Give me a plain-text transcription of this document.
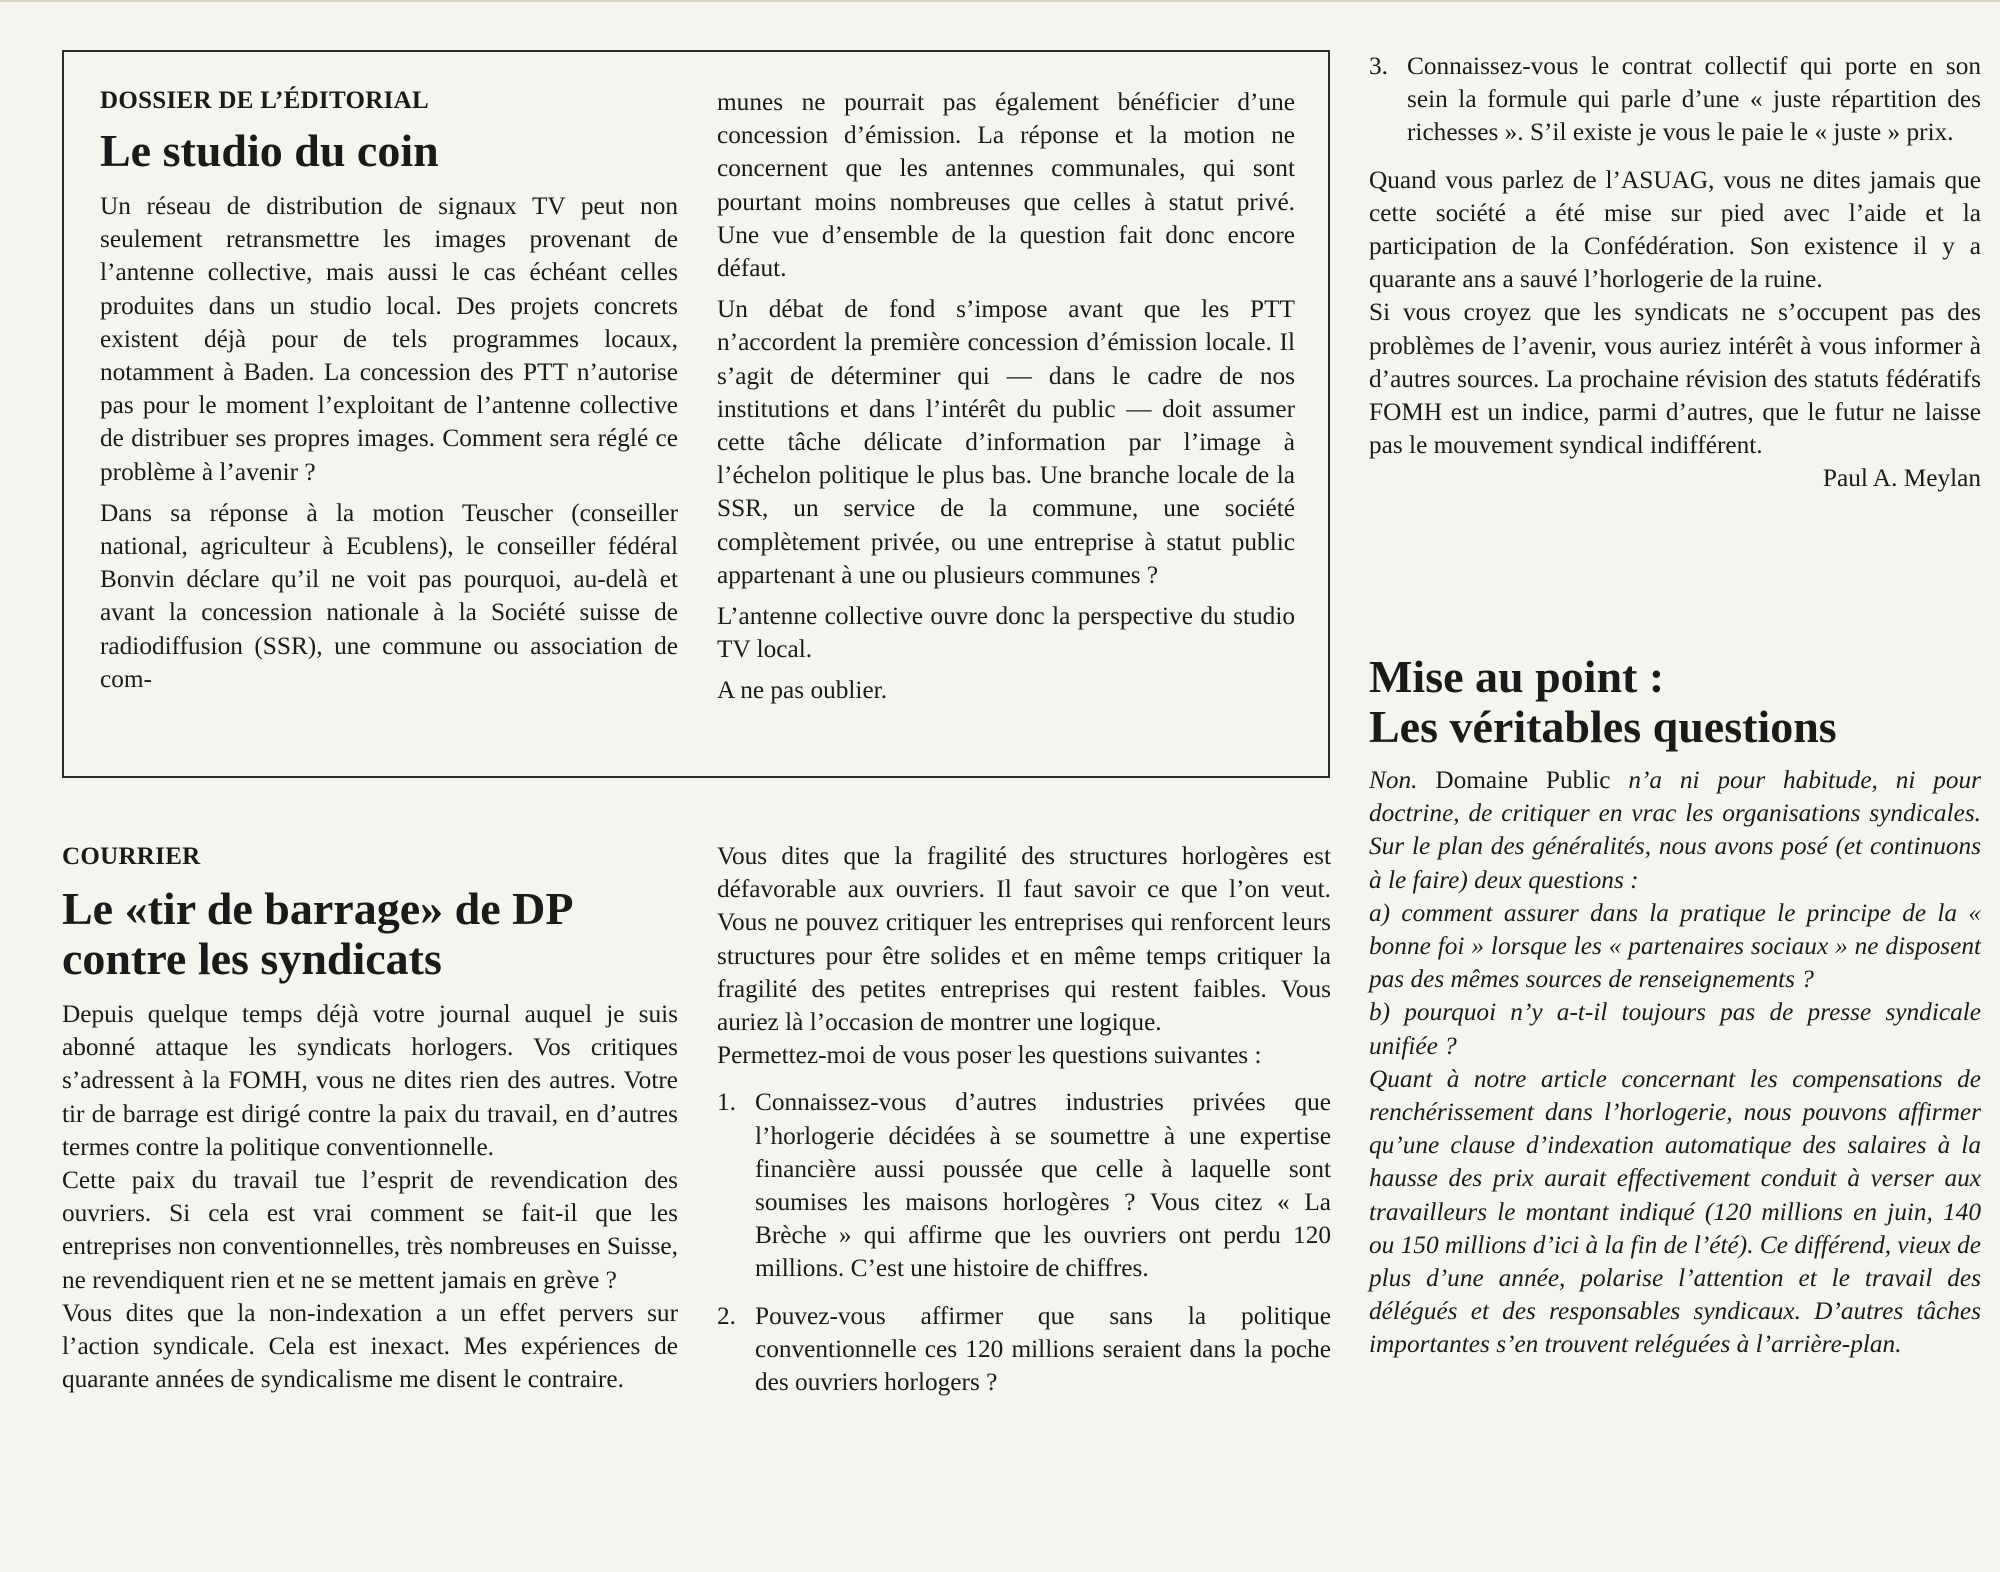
DOSSIER DE L’ÉDITORIAL
Le studio du coin

Un réseau de distribution de signaux TV peut non seulement retransmettre les images provenant de l’antenne collective, mais aussi le cas échéant celles produites dans un studio local. Des projets concrets existent déjà pour de tels programmes locaux, notamment à Baden. La concession des PTT n’autorise pas pour le moment l’exploitant de l’antenne collective de distribuer ses propres images. Comment sera réglé ce problème à l’avenir ?

Dans sa réponse à la motion Teuscher (conseiller national, agriculteur à Ecublens), le conseiller fédéral Bonvin déclare qu’il ne voit pas pourquoi, au-delà et avant la concession nationale à la Société suisse de radiodiffusion (SSR), une commune ou association de com-

munes ne pourrait pas également bénéficier d’une concession d’émission. La réponse et la motion ne concernent que les antennes communales, qui sont pourtant moins nombreuses que celles à statut privé. Une vue d’ensemble de la question fait donc encore défaut.

Un débat de fond s’impose avant que les PTT n’accordent la première concession d’émission locale. Il s’agit de déterminer qui — dans le cadre de nos institutions et dans l’intérêt du public — doit assumer cette tâche délicate d’information par l’image à l’échelon politique le plus bas. Une branche locale de la SSR, un service de la commune, une société complètement privée, ou une entreprise à statut public appartenant à une ou plusieurs communes ?

L’antenne collective ouvre donc la perspective du studio TV local.

A ne pas oublier.

COURRIER
Le «tir de barrage» de DP
contre les syndicats

Depuis quelque temps déjà votre journal auquel je suis abonné attaque les syndicats horlogers. Vos critiques s’adressent à la FOMH, vous ne dites rien des autres. Votre tir de barrage est dirigé contre la paix du travail, en d’autres termes contre la politique conventionnelle.

Cette paix du travail tue l’esprit de revendication des ouvriers. Si cela est vrai comment se fait-il que les entreprises non conventionnelles, très nombreuses en Suisse, ne revendiquent rien et ne se mettent jamais en grève ?

Vous dites que la non-indexation a un effet pervers sur l’action syndicale. Cela est inexact. Mes expériences de quarante années de syndicalisme me disent le contraire.

Vous dites que la fragilité des structures horlogères est défavorable aux ouvriers. Il faut savoir ce que l’on veut. Vous ne pouvez critiquer les entreprises qui renforcent leurs structures pour être solides et en même temps critiquer la fragilité des petites entreprises qui restent faibles. Vous auriez là l’occasion de montrer une logique.

Permettez-moi de vous poser les questions suivantes :

1. Connaissez-vous d’autres industries privées que l’horlogerie décidées à se soumettre à une expertise financière aussi poussée que celle à laquelle sont soumises les maisons horlogères ? Vous citez « La Brèche » qui affirme que les ouvriers ont perdu 120 millions. C’est une histoire de chiffres.
2. Pouvez-vous affirmer que sans la politique conventionnelle ces 120 millions seraient dans la poche des ouvriers horlogers ?
3. Connaissez-vous le contrat collectif qui porte en son sein la formule qui parle d’une « juste répartition des richesses ». S’il existe je vous le paie le « juste » prix.

Quand vous parlez de l’ASUAG, vous ne dites jamais que cette société a été mise sur pied avec l’aide et la participation de la Confédération. Son existence il y a quarante ans a sauvé l’horlogerie de la ruine.

Si vous croyez que les syndicats ne s’occupent pas des problèmes de l’avenir, vous auriez intérêt à vous informer à d’autres sources. La prochaine révision des statuts fédératifs FOMH est un indice, parmi d’autres, que le futur ne laisse pas le mouvement syndical indifférent.

Paul A. Meylan

Mise au point :
Les véritables questions

Non. Domaine Public n’a ni pour habitude, ni pour doctrine, de critiquer en vrac les organisations syndicales. Sur le plan des généralités, nous avons posé (et continuons à le faire) deux questions :

a) comment assurer dans la pratique le principe de la « bonne foi » lorsque les « partenaires sociaux » ne disposent pas des mêmes sources de renseignements ?

b) pourquoi n’y a-t-il toujours pas de presse syndicale unifiée ?

Quant à notre article concernant les compensations de renchérissement dans l’horlogerie, nous pouvons affirmer qu’une clause d’indexation automatique des salaires à la hausse des prix aurait effectivement conduit à verser aux travailleurs le montant indiqué (120 millions en juin, 140 ou 150 millions d’ici à la fin de l’été). Ce différend, vieux de plus d’une année, polarise l’attention et le travail des délégués et des responsables syndicaux. D’autres tâches importantes s’en trouvent reléguées à l’arrière-plan.
